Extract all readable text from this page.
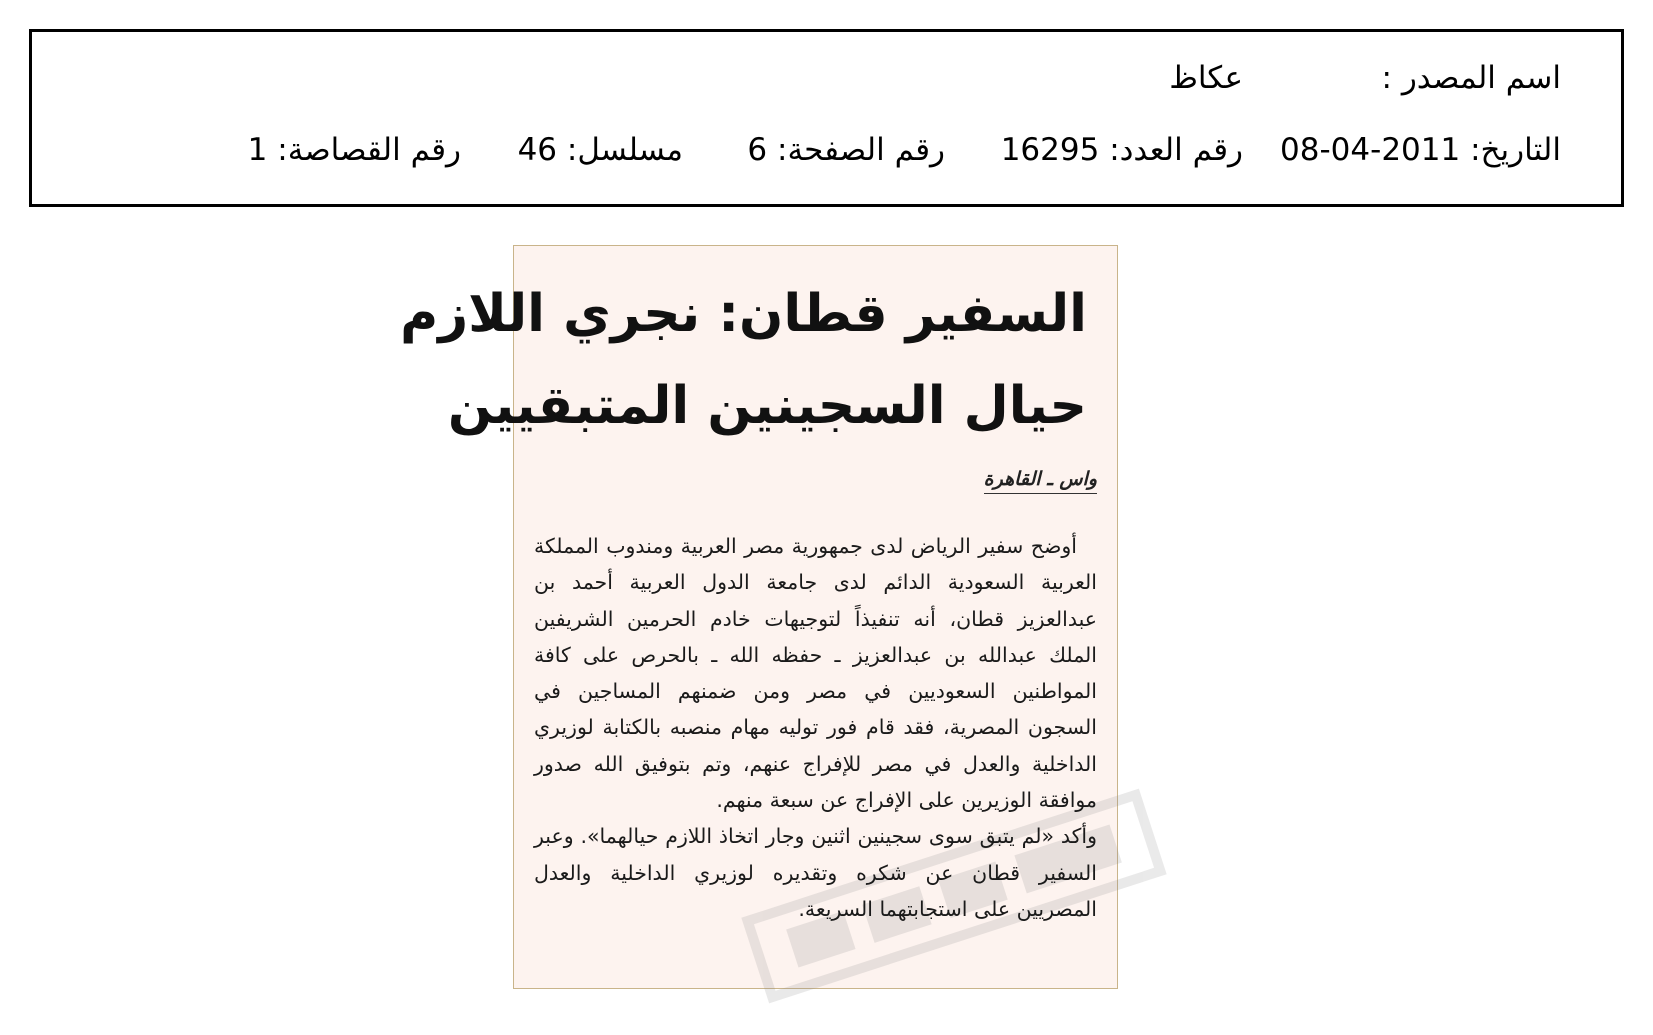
اسم المصدر :
عكاظ
التاريخ: 2011-04-08
رقم العدد: 16295
رقم الصفحة: 6
مسلسل: 46
رقم القصاصة: 1
السفير قطان: نجري اللازم
حيال السجينين المتبقيين
واس ـ القاهرة

أوضح سفير الرياض لدى جمهورية مصر العربية ومندوب المملكة العربية السعودية الدائم لدى جامعة الدول العربية أحمد بن عبدالعزيز قطان، أنه تنفيذاً لتوجيهات خادم الحرمين الشريفين الملك عبدالله بن عبدالعزيز ـ حفظه الله ـ بالحرص على كافة المواطنين السعوديين في مصر ومن ضمنهم المساجين في السجون المصرية، فقد قام فور توليه مهام منصبه بالكتابة لوزيري الداخلية والعدل في مصر للإفراج عنهم، وتم بتوفيق الله صدور موافقة الوزيرين على الإفراج عن سبعة منهم.

وأكد «لم يتبق سوى سجينين اثنين وجار اتخاذ اللازم حيالهما». وعبر السفير قطان عن شكره وتقديره لوزيري الداخلية والعدل المصريين على استجابتهما السريعة.
